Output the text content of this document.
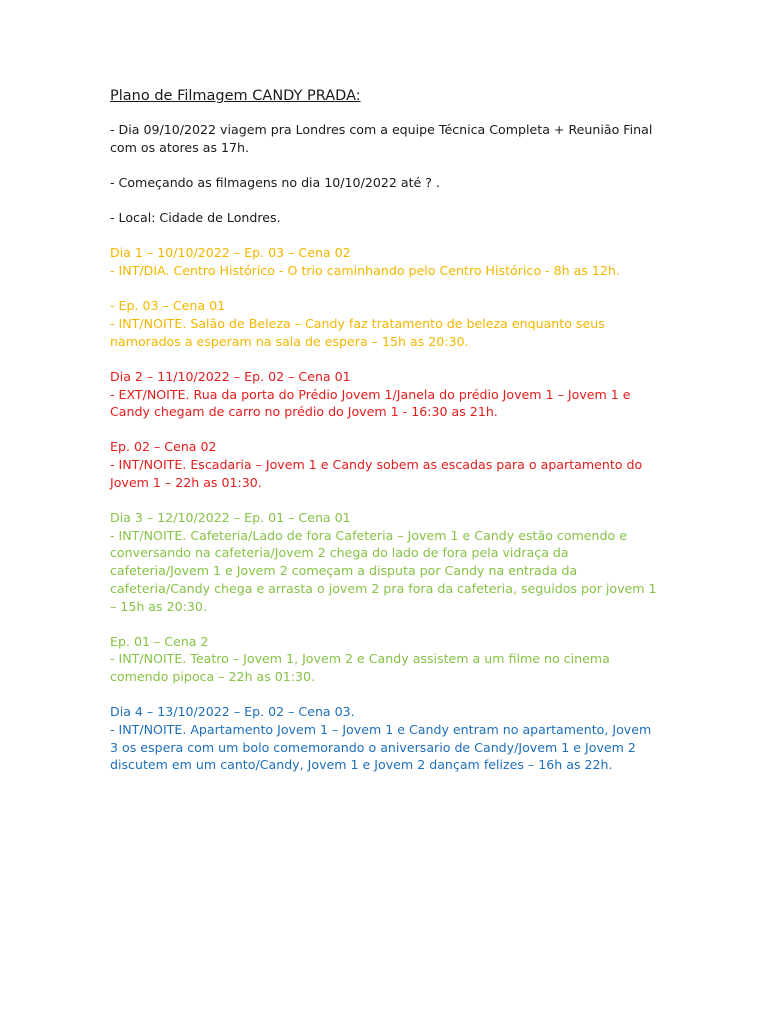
Plano de Filmagem CANDY PRADA:
- Dia 09/10/2022 viagem pra Londres com a equipe Técnica Completa + Reunião Final
com os atores as 17h.
- Começando as filmagens no dia 10/10/2022 até ? .
- Local: Cidade de Londres.
Dia 1 – 10/10/2022 – Ep. 03 – Cena 02
- INT/DIA. Centro Histórico - O trio caminhando pelo Centro Histórico - 8h as 12h.
- Ep. 03 – Cena 01
- INT/NOITE. Salão de Beleza – Candy faz tratamento de beleza enquanto seus
namorados a esperam na sala de espera – 15h as 20:30.
Dia 2 – 11/10/2022 – Ep. 02 – Cena 01
- EXT/NOITE. Rua da porta do Prédio Jovem 1/Janela do prédio Jovem 1 – Jovem 1 e
Candy chegam de carro no prédio do Jovem 1 - 16:30 as 21h.
Ep. 02 – Cena 02
- INT/NOITE. Escadaria – Jovem 1 e Candy sobem as escadas para o apartamento do
Jovem 1 – 22h as 01:30.
Dia 3 – 12/10/2022 – Ep. 01 – Cena 01
- INT/NOITE. Cafeteria/Lado de fora Cafeteria – Jovem 1 e Candy estão comendo e
conversando na cafeteria/Jovem 2 chega do lado de fora pela vidraça da
cafeteria/Jovem 1 e Jovem 2 começam a disputa por Candy na entrada da
cafeteria/Candy chega e arrasta o jovem 2 pra fora da cafeteria, seguidos por jovem 1
– 15h as 20:30.
Ep. 01 – Cena 2
- INT/NOITE. Teatro – Jovem 1, Jovem 2 e Candy assistem a um filme no cinema
comendo pipoca – 22h as 01:30.
Dia 4 – 13/10/2022 – Ep. 02 – Cena 03.
- INT/NOITE. Apartamento Jovem 1 – Jovem 1 e Candy entram no apartamento, Jovem
3 os espera com um bolo comemorando o aniversario de Candy/Jovem 1 e Jovem 2
discutem em um canto/Candy, Jovem 1 e Jovem 2 dançam felizes – 16h as 22h.
